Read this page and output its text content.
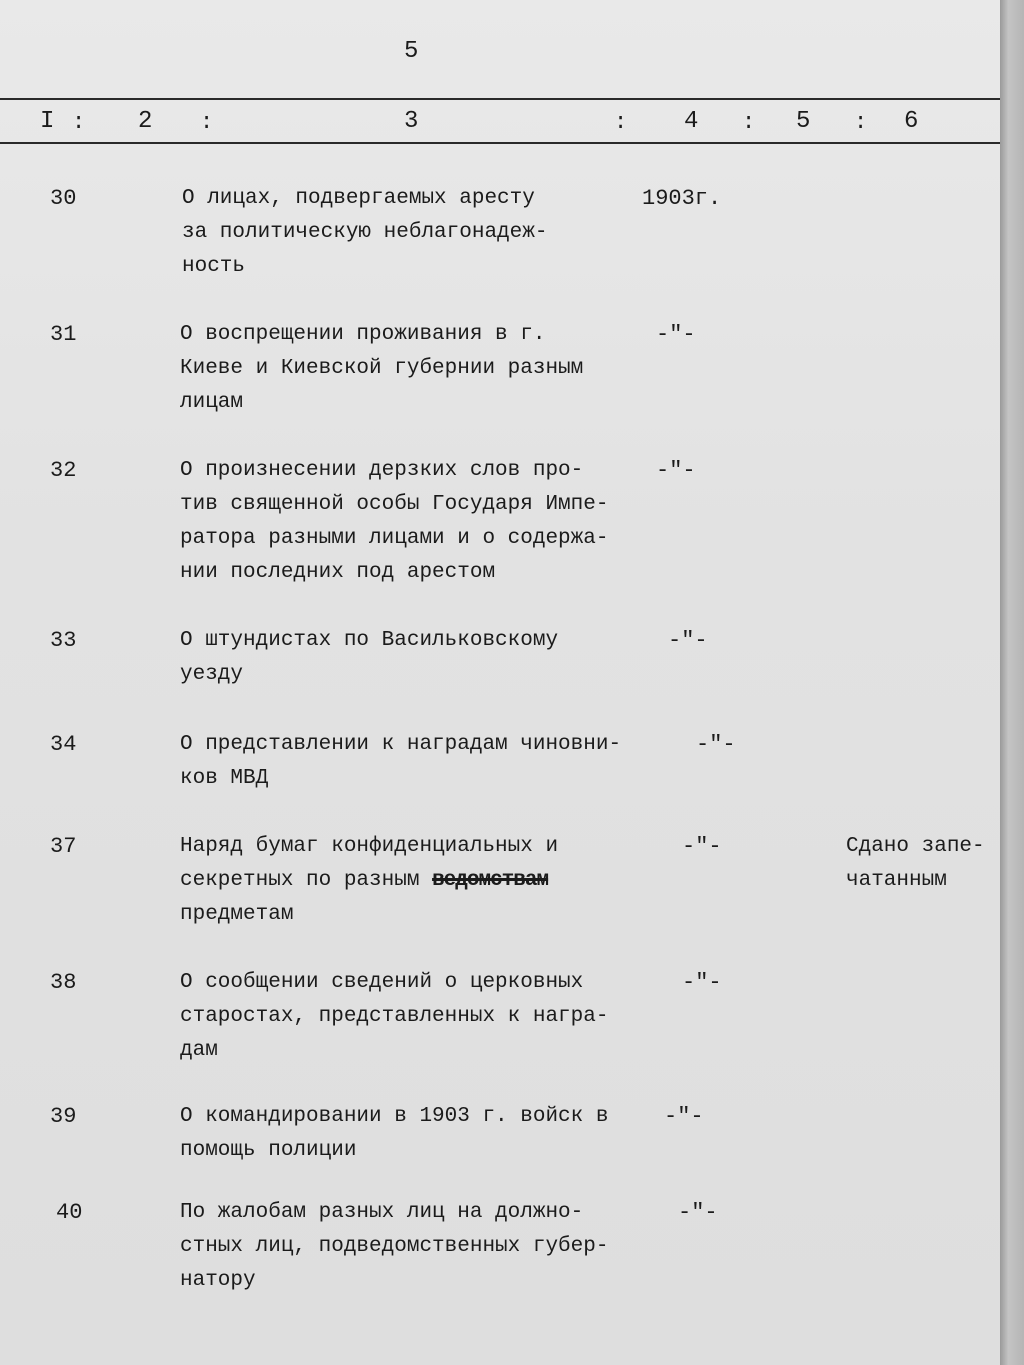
5
I : 2 :	3	: 4 : 5 : 6
30	О лицах, подвергаемых аресту
за политическую неблагонадеж-
ность
1903г.
31	О воспрещении проживания в г.
Киеве и Киевской губернии разным
лицам
-"-
32	О произнесении дерзких слов про-
тив священной особы Государя Импе-
ратора разными лицами и о содержа-
нии последних под арестом
-"-
33	О штундистах по Васильковскому
уезду
-"-
34	О представлении к наградам чиновни-
ков МВД
-"-
37	Наряд бумаг конфиденциальных и
секретных по разным ведомствам
предметам
-"-	Сдано запе-
чатанным
38	О сообщении сведений о церковных
старостах, представленных к награ-
дам
-"-
39	О командировании в 1903 г. войск в
помощь полиции
-"-
40	По жалобам разных лиц на должно-
стных лиц, подведомственных губер-
натору
-"-
